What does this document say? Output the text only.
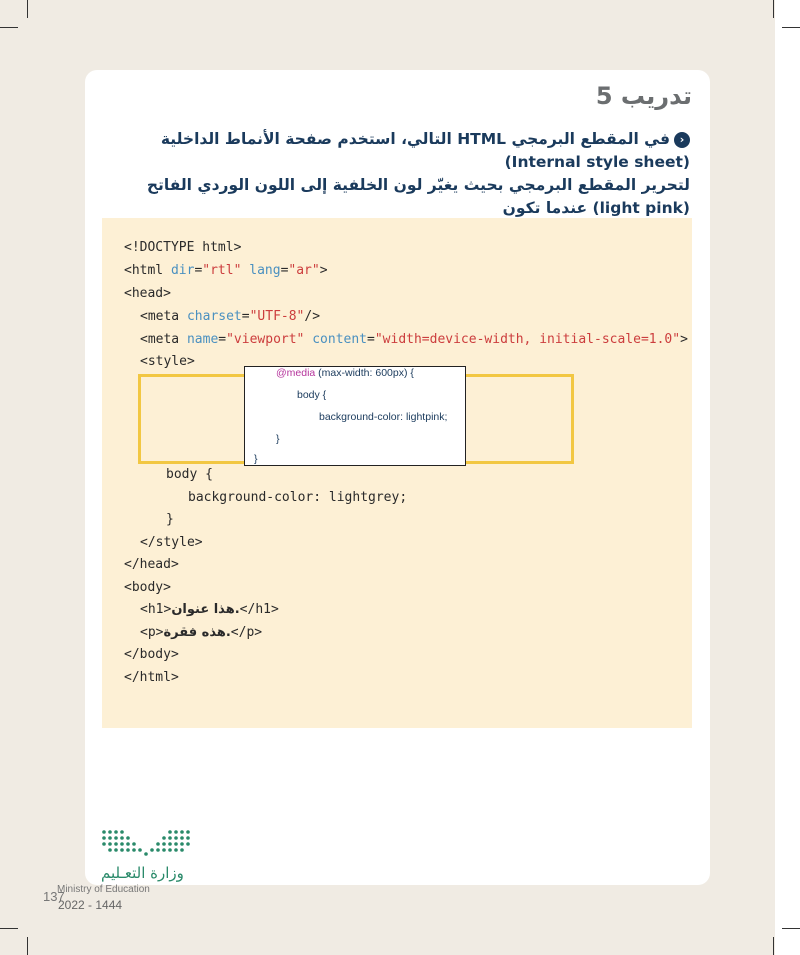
تدريب 5
‹في المقطع البرمجي HTML التالي، استخدم صفحة الأنماط الداخلية (Internal style sheet)
لتحرير المقطع البرمجي بحيث يغيّر لون الخلفية إلى اللون الوردي الفاتح (light pink) عندما تكون
<!DOCTYPE html>
<html dir="rtl" lang="ar">
<head>
<meta charset="UTF-8"/>
<meta name="viewport" content="width=device-width, initial-scale=1.0">
<style>
@media (max-width: 600px) {
body {
background-color: lightpink;
}
}
body {
background-color: lightgrey;
}
</style>
</head>
<body>
<h1>هذا عنوان.</h1>
<p>هذه فقرة.</p>
</body>
</html>
وزارة التعـليم
Ministry of Education
137
2022 - 1444
